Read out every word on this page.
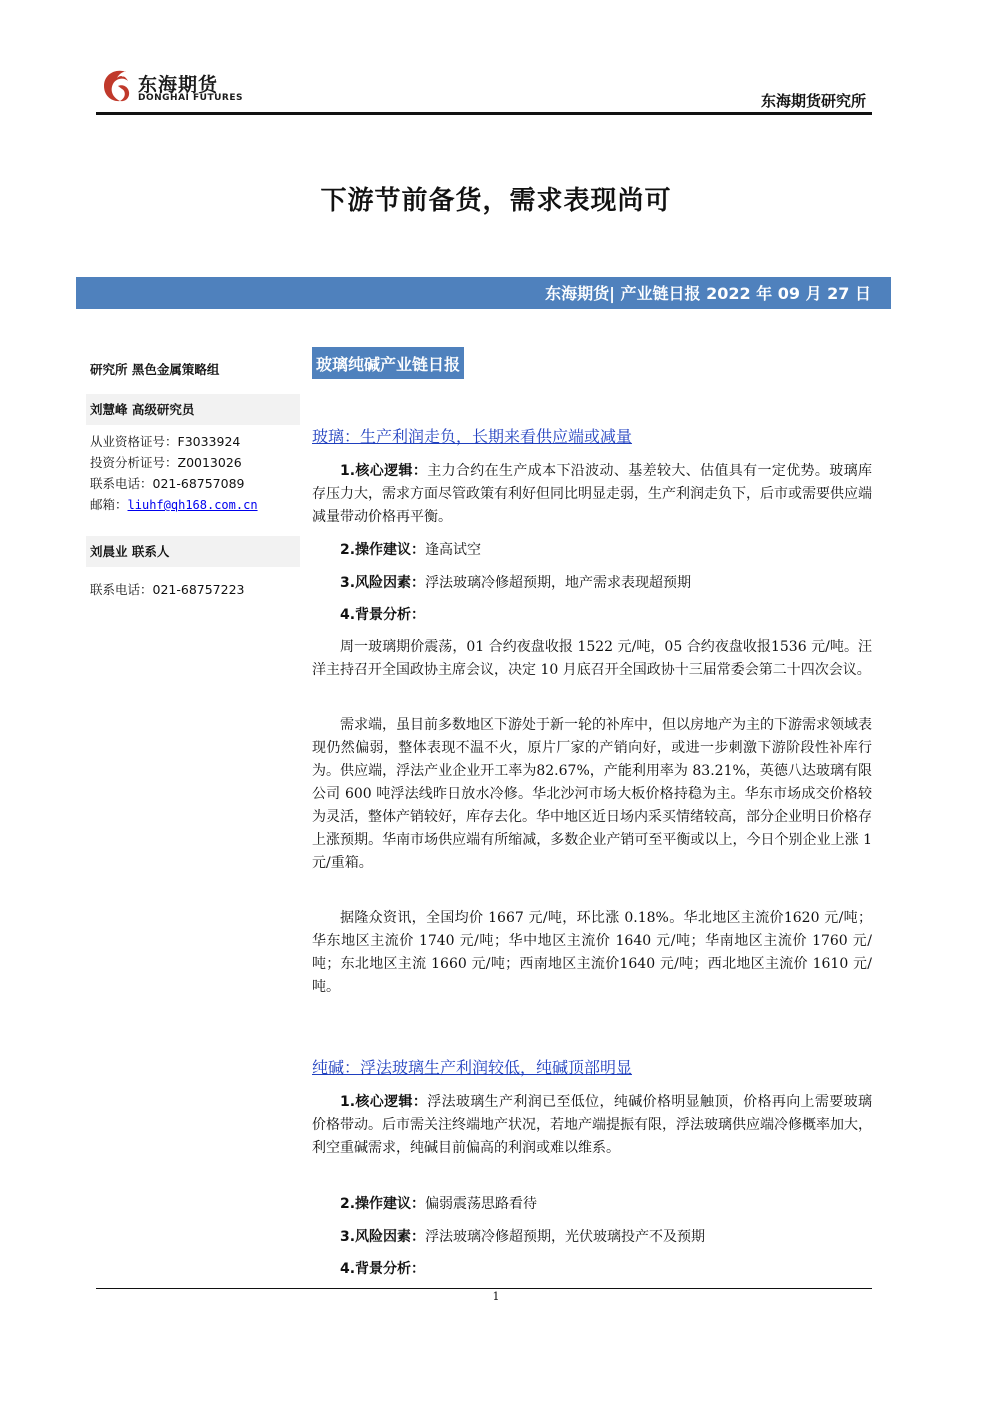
东海期货
DONGHAI FUTURES	东海期货研究所
下游节前备货，需求表现尚可
东海期货| 产业链日报 2022 年 09 月 27 日
研究所 黑色金属策略组
刘慧峰 高级研究员
从业资格证号：F3033924
投资分析证号：Z0013026
联系电话：021-68757089
邮箱：liuhf@qh168.com.cn
刘晨业 联系人
联系电话：021-68757223
玻璃纯碱产业链日报
玻璃：生产利润走负，长期来看供应端或减量
1.核心逻辑：主力合约在生产成本下沿波动、基差较大、估值具有一定优势。玻璃库存压力大，需求方面尽管政策有利好但同比明显走弱，生产利润走负下，后市或需要供应端减量带动价格再平衡。
2.操作建议：逢高试空
3.风险因素：浮法玻璃冷修超预期，地产需求表现超预期
4.背景分析：
周一玻璃期价震荡，01 合约夜盘收报 1522 元/吨，05 合约夜盘收报1536 元/吨。汪洋主持召开全国政协主席会议，决定 10 月底召开全国政协十三届常委会第二十四次会议。
需求端，虽目前多数地区下游处于新一轮的补库中，但以房地产为主的下游需求领域表现仍然偏弱，整体表现不温不火，原片厂家的产销向好，或进一步刺激下游阶段性补库行为。供应端，浮法产业企业开工率为82.67%，产能利用率为 83.21%，英德八达玻璃有限公司 600 吨浮法线昨日放水冷修。华北沙河市场大板价格持稳为主。华东市场成交价格较为灵活，整体产销较好，库存去化。华中地区近日场内采买情绪较高，部分企业明日价格存上涨预期。华南市场供应端有所缩减，多数企业产销可至平衡或以上，今日个别企业上涨 1 元/重箱。
据隆众资讯，全国均价 1667 元/吨，环比涨 0.18%。华北地区主流价1620 元/吨；华东地区主流价 1740 元/吨；华中地区主流价 1640 元/吨；华南地区主流价 1760 元/吨；东北地区主流 1660 元/吨；西南地区主流价1640 元/吨；西北地区主流价 1610 元/吨。
纯碱：浮法玻璃生产利润较低，纯碱顶部明显
1.核心逻辑：浮法玻璃生产利润已至低位，纯碱价格明显触顶，价格再向上需要玻璃价格带动。后市需关注终端地产状况，若地产端提振有限，浮法玻璃供应端冷修概率加大，利空重碱需求，纯碱目前偏高的利润或难以维系。
2.操作建议：偏弱震荡思路看待
3.风险因素：浮法玻璃冷修超预期，光伏玻璃投产不及预期
4.背景分析：
1
